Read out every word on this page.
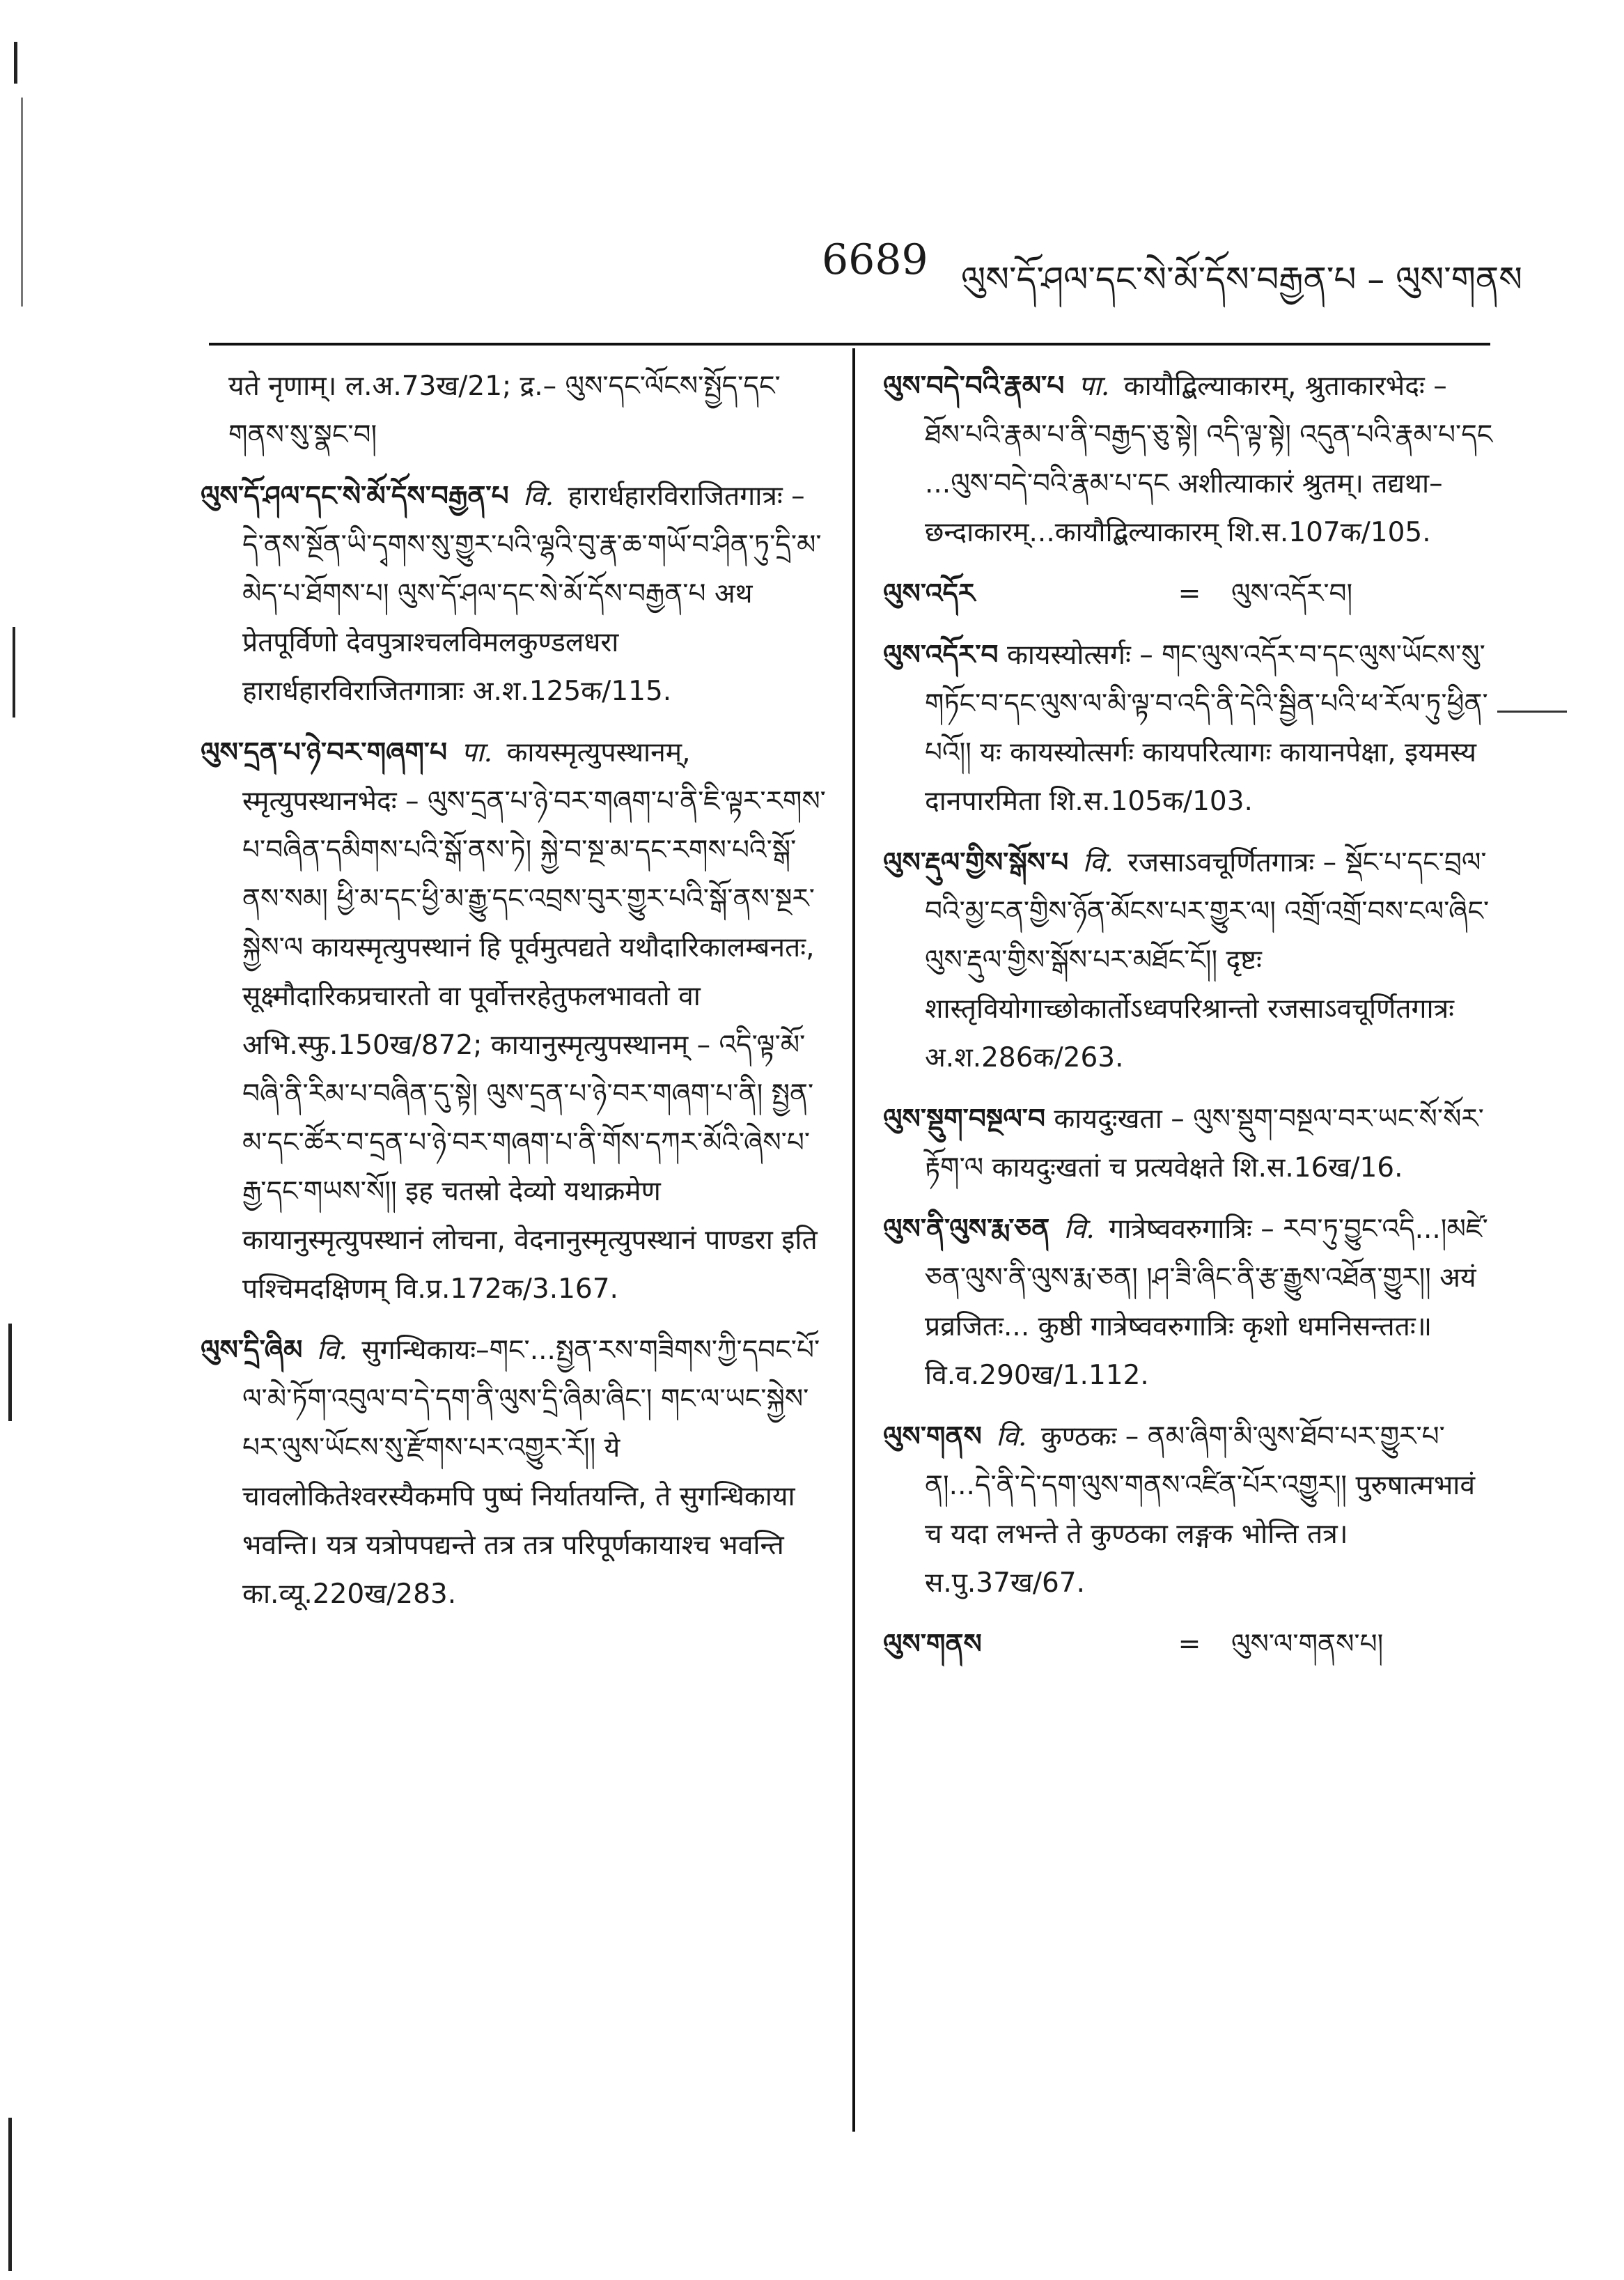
6689 ལུས་དོ་ཤལ་དང་སེ་མོ་དོས་བརྒྱན་པ – ལུས་གནས

यते नृणाम्। ल.अ.73ख/21; द्र.– ལུས་དང་ལོངས་སྤྱོད་དང་གནས་སུ་སྣང་བ།

ལུས་དོ་ཤལ་དང་སེ་མོ་དོས་བརྒྱན་པ वि. हारार्धहारविराजितगात्रः – དེ་ནས་སྔོན་ཡི་དྭགས་སུ་གྱུར་པའི་ལྷའི་བུ་རྣ་ཆ་གཡོ་བ་ཤིན་ཏུ་དྲི་མ་མེད་པ་ཐོགས་པ། ལུས་དོ་ཤལ་དང་སེ་མོ་དོས་བརྒྱན་པ अथ प्रेतपूर्विणो देवपुत्राश्चलविमलकुण्डलधरा हारार्धहारविराजितगात्राः अ.श.125क/115.

ལུས་དྲན་པ་ཉེ་བར་གཞག་པ पा. कायस्मृत्युपस्थानम्, स्मृत्युपस्थानभेदः – ལུས་དྲན་པ་ཉེ་བར་གཞག་པ་ནི་ཇི་ལྟར་རགས་པ་བཞིན་དམིགས་པའི་སྒོ་ནས་ཏེ། སྐྱེ་བ་སྔ་མ་དང་རགས་པའི་སྒོ་ནས་སམ། ཕྱི་མ་དང་ཕྱི་མ་རྒྱུ་དང་འབྲས་བུར་གྱུར་པའི་སྒོ་ནས་སྔར་སྐྱེས་ལ कायस्मृत्युपस्थानं हि पूर्वमुत्पद्यते यथौदारिकालम्बनतः, सूक्ष्मौदारिकप्रचारतो वा पूर्वोत्तरहेतुफलभावतो वा अभि.स्फु.150ख/872; कायानुस्मृत्युपस्थानम् – འདི་ལྟ་མོ་བཞི་ནི་རིམ་པ་བཞིན་དུ་སྟེ། ལུས་དྲན་པ་ཉེ་བར་གཞག་པ་ནི། སྤྱན་མ་དང་ཚོར་བ་དྲན་པ་ཉེ་བར་གཞག་པ་ནི་གོས་དཀར་མོའི་ཞེས་པ་རྒྱ་དང་གཡས་སོ།། इह चतस्रो देव्यो यथाक्रमेण कायानुस्मृत्युपस्थानं लोचना, वेदनानुस्मृत्युपस्थानं पाण्डरा इति पश्चिमदक्षिणम् वि.प्र.172क/3.167.

ལུས་དྲི་ཞིམ वि. सुगन्धिकायः–གང་...སྤྱན་རས་གཟིགས་ཀྱི་དབང་པོ་ལ་མེ་ཏོག་འབུལ་བ་དེ་དག་ནི་ལུས་དྲི་ཞིམ་ཞིང་། གང་ལ་ཡང་སྐྱེས་པར་ལུས་ཡོངས་སུ་རྫོགས་པར་འགྱུར་རོ།། ये चावलोकितेश्वरस्यैकमपि पुष्पं निर्यातयन्ति, ते सुगन्धिकाया भवन्ति। यत्र यत्रोपपद्यन्ते तत्र तत्र परिपूर्णकायाश्च भवन्ति का.व्यू.220ख/283.

ལུས་བདེ་བའི་རྣམ་པ पा. कायौद्बिल्याकारम्, श्रुताकारभेदः – ཐོས་པའི་རྣམ་པ་ནི་བརྒྱད་ཅུ་སྟེ། འདི་ལྟ་སྟེ། འདུན་པའི་རྣམ་པ་དང ...ལུས་བདེ་བའི་རྣམ་པ་དང अशीत्याकारं श्रुतम्। तद्यथा–छन्दाकारम्...कायौद्बिल्याकारम् शि.स.107क/105.

ལུས་འདོར	=	ལུས་འདོར་བ།

ལུས་འདོར་བ कायस्योत्सर्गः – གང་ལུས་འདོར་བ་དང་ལུས་ཡོངས་སུ་གཏོང་བ་དང་ལུས་ལ་མི་ལྟ་བ་འདི་ནི་དེའི་སྦྱིན་པའི་ཕ་རོལ་ཏུ་ཕྱིན་པའོ།། यः कायस्योत्सर्गः कायपरित्यागः कायानपेक्षा, इयमस्य दानपारमिता शि.स.105क/103.

ལུས་རྡུལ་གྱིས་སྒོས་པ वि. रजसाऽवचूर्णितगात्रः – སྡོང་པ་དང་བྲལ་བའི་མྱ་ངན་གྱིས་ཉོན་མོངས་པར་གྱུར་ལ། འགྲོ་འགྲོ་བས་ངལ་ཞིང་ལུས་རྡུལ་གྱིས་སྒོས་པར་མཐོང་ངོ།། दृष्टः शास्तृवियोगाच्छोकार्तोऽध्वपरिश्रान्तो रजसाऽवचूर्णितगात्रः अ.श.286क/263.

ལུས་སྡུག་བསྔལ་བ कायदुःखता – ལུས་སྡུག་བསྔལ་བར་ཡང་སོ་སོར་རྟོག་ལ कायदुःखतां च प्रत्यवेक्षते शि.स.16ख/16.

ལུས་ནི་ལུས་རྨ་ཅན वि. गात्रेष्ववरुगात्रिः – རབ་ཏུ་བྱུང་འདི...།མཛེ་ཅན་ལུས་ནི་ལུས་རྨ་ཅན། །ཤ་ཟི་ཞིང་ནི་རྩ་རྒྱུས་འཐོན་གྱུར།། अयं प्रव्रजितः... कुष्ठी गात्रेष्ववरुगात्रिः कृशो धमनिसन्ततः॥ वि.व.290ख/1.112.

ལུས་གནས वि. कुण्ठकः – ནམ་ཞིག་མི་ལུས་ཐོབ་པར་གྱུར་པ་ན།...དེ་ནི་དེ་དག་ལུས་གནས་འཛིན་པོར་འགྱུར།། पुरुषात्मभावं च यदा लभन्ते ते कुण्ठका लङ्गक भोन्ति तत्र। स.पु.37ख/67.

ལུས་གནས	=	ལུས་ལ་གནས་པ།
